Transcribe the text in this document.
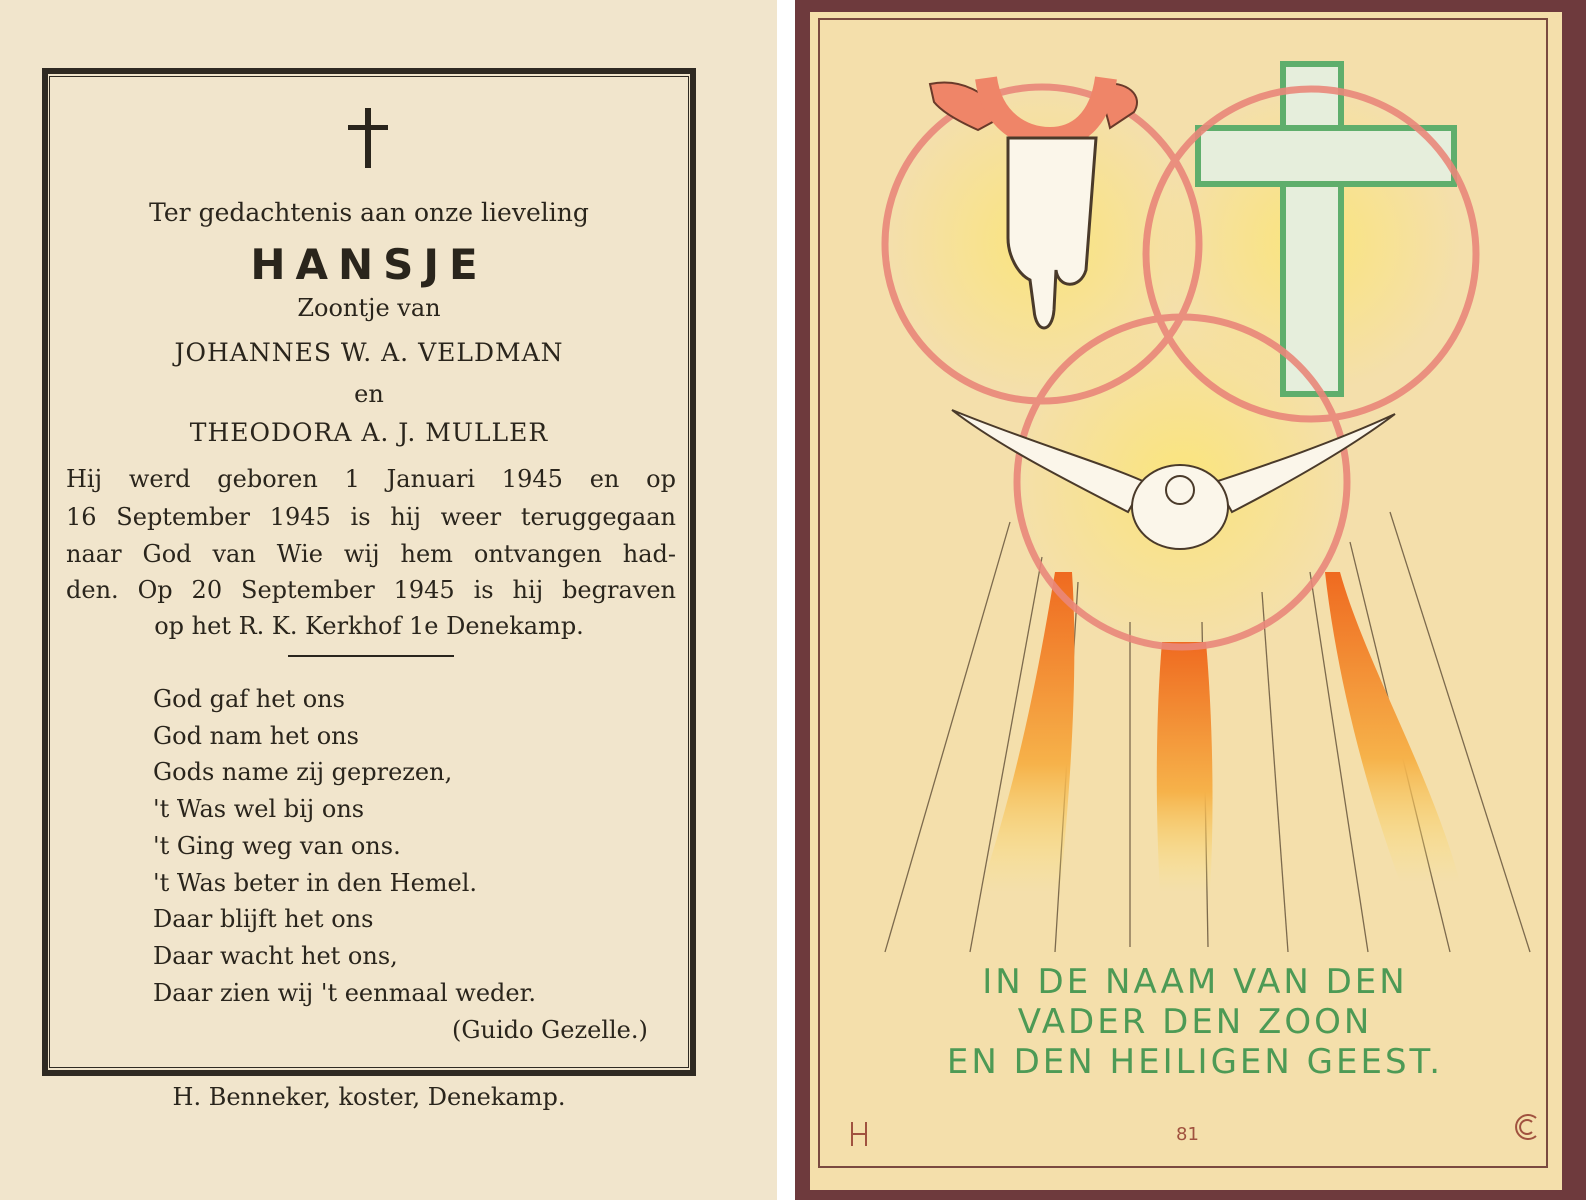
Ter gedachtenis aan onze lieveling
HANSJE
Zoontje van
JOHANNES W. A. VELDMAN
en
THEODORA A. J. MULLER
Hij werd geboren 1 Januari 1945 en op
16 September 1945 is hij weer teruggegaan
naar God van Wie wij hem ontvangen had-
den. Op 20 September 1945 is hij begraven
op het R. K. Kerkhof 1e Denekamp.
God gaf het ons
God nam het ons
Gods name zij geprezen,
't Was wel bij ons
't Ging weg van ons.
't Was beter in den Hemel.
Daar blijft het ons
Daar wacht het ons,
Daar zien wij 't eenmaal weder.
(Guido Gezelle.)
H. Benneker, koster, Denekamp.
IN DE NAAM VAN DEN
VADER DEN ZOON
EN DEN HEILIGEN GEEST.
81
